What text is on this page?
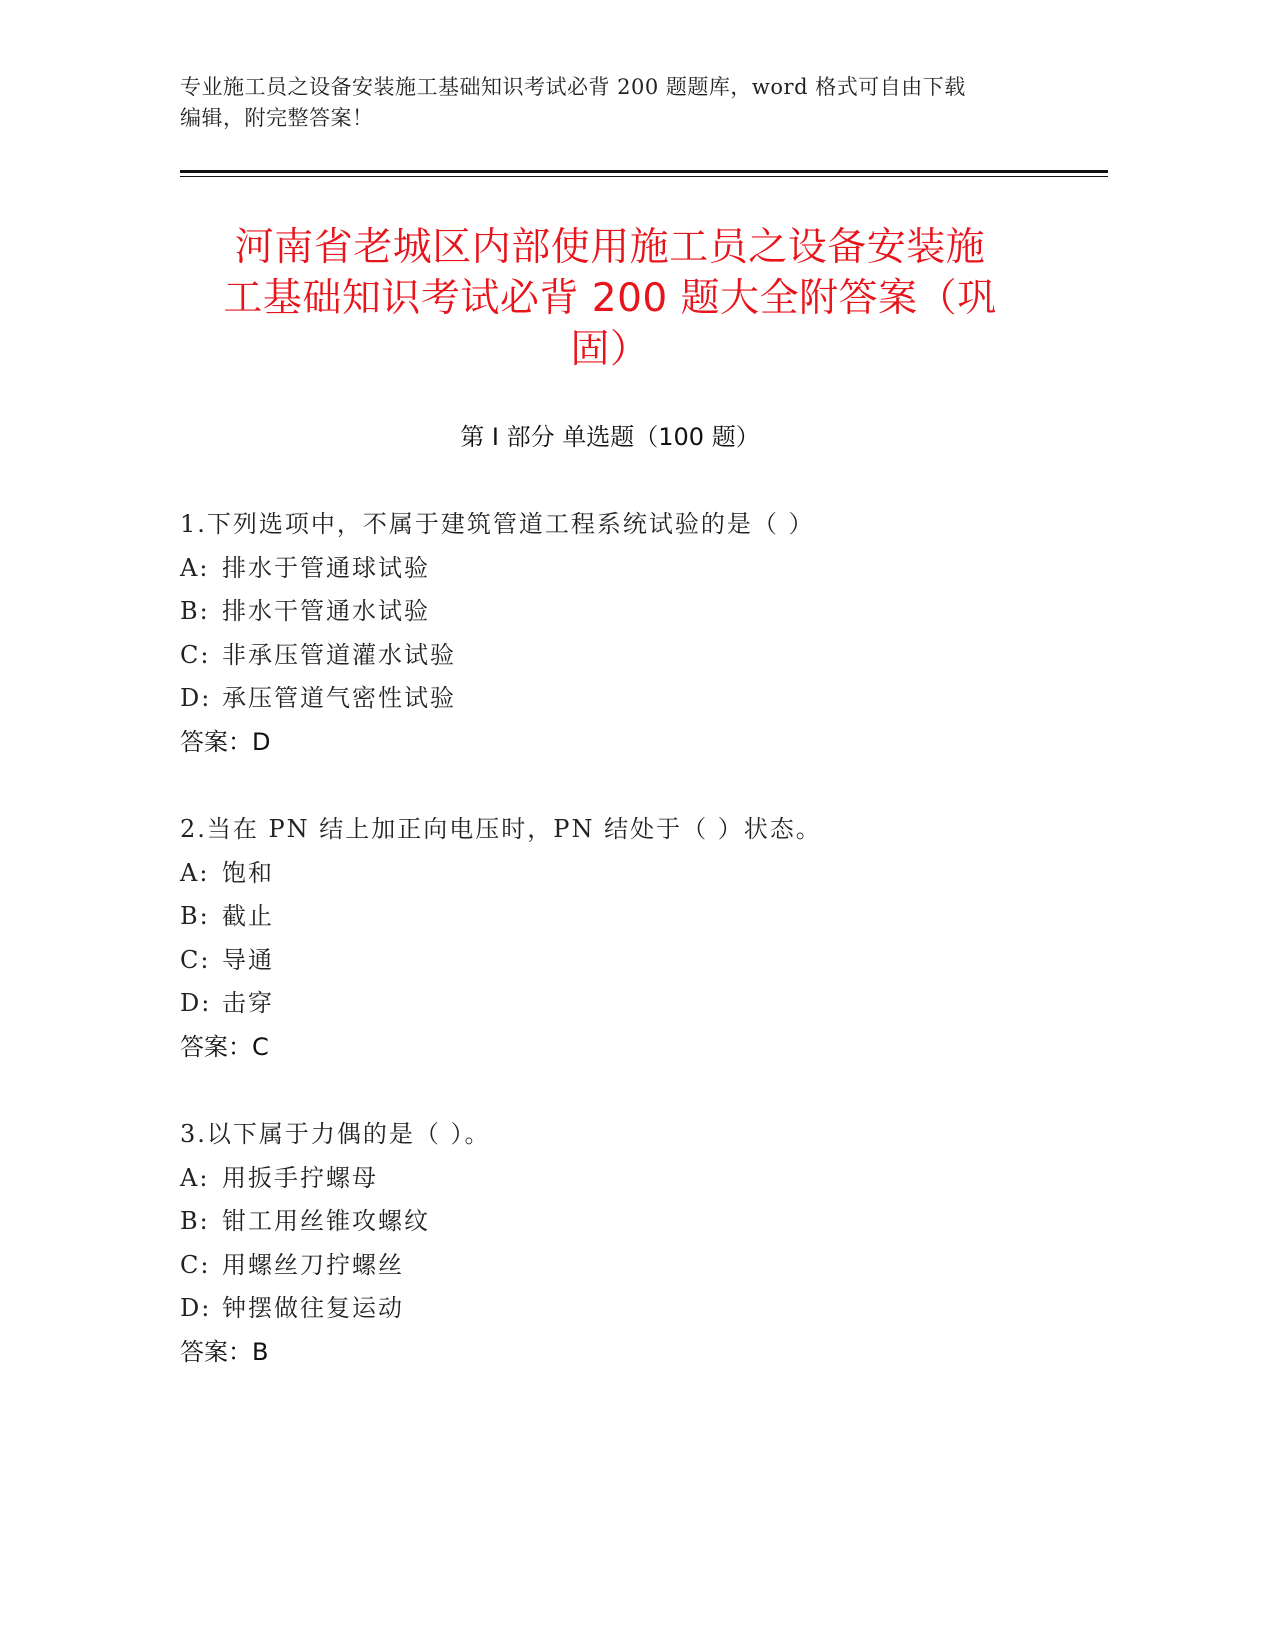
专业施工员之设备安装施工基础知识考试必背 200 题题库，word 格式可自由下载
编辑，附完整答案！
河南省老城区内部使用施工员之设备安装施
工基础知识考试必背 200 题大全附答案（巩
固）
第 I 部分 单选题（100 题）
1.下列选项中，不属于建筑管道工程系统试验的是（ ）
A: 排水于管通球试验
B: 排水干管通水试验
C: 非承压管道灌水试验
D: 承压管道气密性试验
答案：D
2.当在 PN 结上加正向电压时，PN 结处于（ ）状态。
A: 饱和
B: 截止
C: 导通
D: 击穿
答案：C
3.以下属于力偶的是（ ）。
A: 用扳手拧螺母
B: 钳工用丝锥攻螺纹
C: 用螺丝刀拧螺丝
D: 钟摆做往复运动
答案：B
